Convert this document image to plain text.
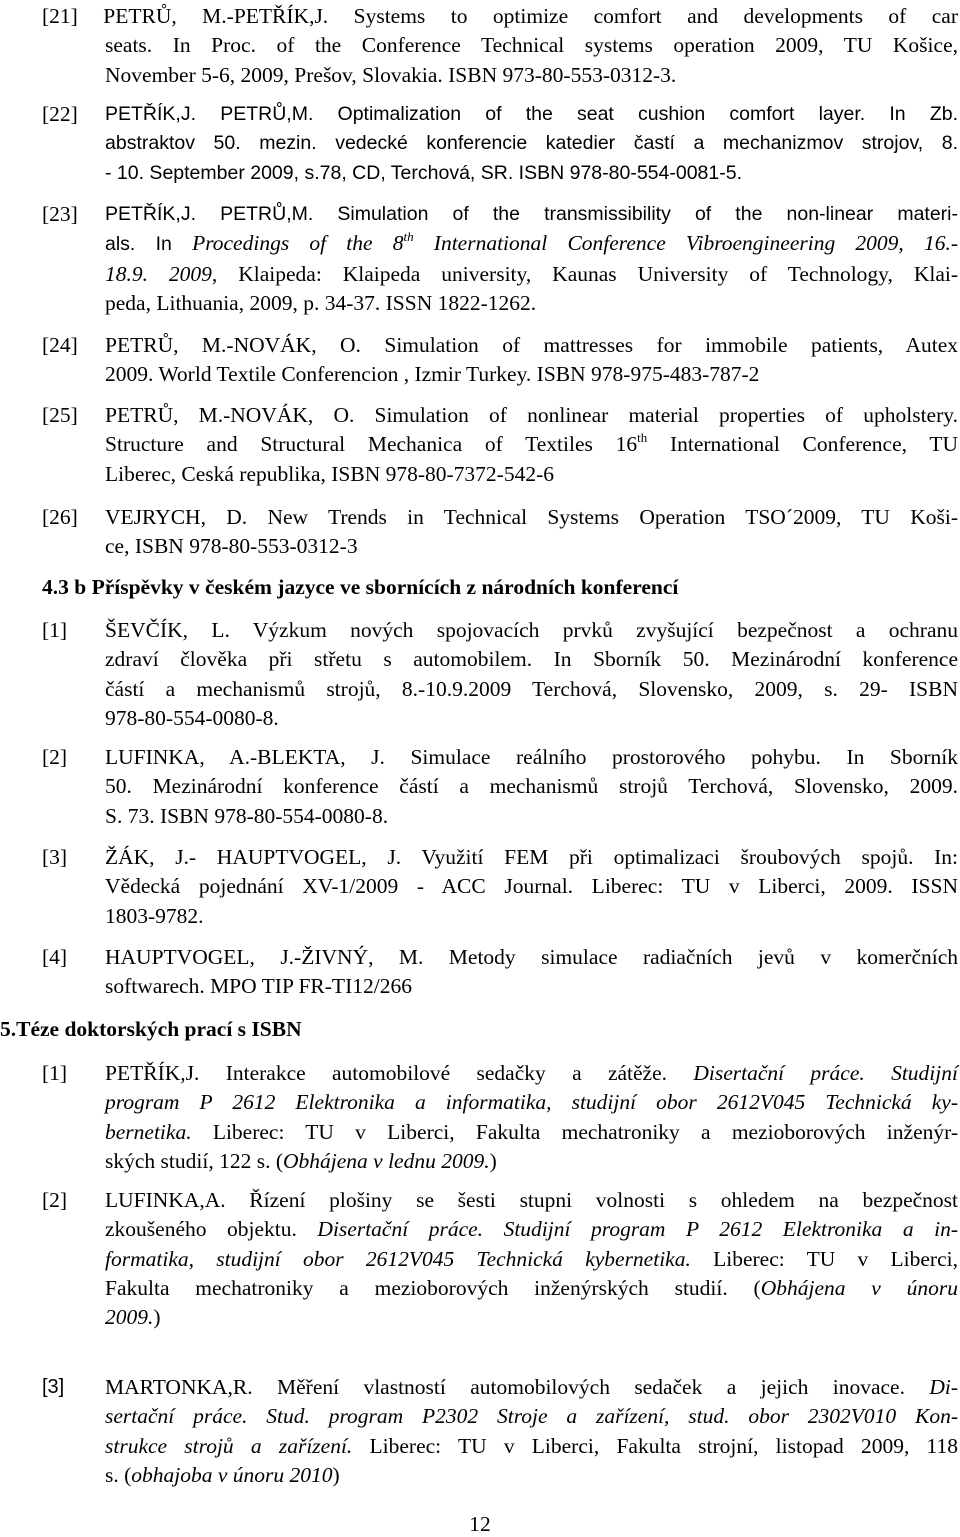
[21] PETRŮ, M.-PETŘÍK,J. Systems to optimize comfort and developments of car
seats. In Proc. of the Conference Technical systems operation 2009, TU Košice,
November 5-6, 2009, Prešov, Slovakia. ISBN 973-80-553-0312-3.
[22] PETŘÍK,J. PETRŮ,M. Optimalization of the seat cushion comfort layer. In Zb.
abstraktov 50. mezin. vedecké konferencie katedier častí a mechanizmov strojov, 8.
- 10. September 2009, s.78, CD, Terchová, SR. ISBN 978-80-554-0081-5.
[23] PETŘÍK,J. PETRŮ,M. Simulation of the transmissibility of the non-linear materi-
als. In Procedings of the 8th International Conference Vibroengineering 2009, 16.-
18.9. 2009, Klaipeda: Klaipeda university, Kaunas University of Technology, Klai-
peda, Lithuania, 2009, p. 34-37. ISSN 1822-1262.
[24] PETRŮ, M.-NOVÁK, O. Simulation of mattresses for immobile patients, Autex
2009. World Textile Conferencion , Izmir Turkey. ISBN 978-975-483-787-2
[25] PETRŮ, M.-NOVÁK, O. Simulation of nonlinear material properties of upholstery.
Structure and Structural Mechanica of Textiles 16th International Conference, TU
Liberec, Ceská republika, ISBN 978-80-7372-542-6
[26] VEJRYCH, D. New Trends in Technical Systems Operation TSO´2009, TU Koši-
ce, ISBN 978-80-553-0312-3
4.3 b Příspěvky v českém jazyce ve sbornících z národních konferencí
[1] ŠEVČÍK, L. Výzkum nových spojovacích prvků zvyšující bezpečnost a ochranu
zdraví člověka při střetu s automobilem. In Sborník 50. Mezinárodní konference
částí a mechanismů strojů, 8.-10.9.2009 Terchová, Slovensko, 2009, s. 29- ISBN
978-80-554-0080-8.
[2] LUFINKA, A.-BLEKTA, J. Simulace reálního prostorového pohybu. In Sborník
50. Mezinárodní konference částí a mechanismů strojů Terchová, Slovensko, 2009.
S. 73. ISBN 978-80-554-0080-8.
[3] ŽÁK, J.- HAUPTVOGEL, J. Využití FEM při optimalizaci šroubových spojů. In:
Vědecká pojednání XV-1/2009 - ACC Journal. Liberec: TU v Liberci, 2009. ISSN
1803-9782.
[4] HAUPTVOGEL, J.-ŽIVNÝ, M. Metody simulace radiačních jevů v komerčních
softwarech. MPO TIP FR-TI12/266
5.Téze doktorských prací s ISBN
[1] PETŘÍK,J. Interakce automobilové sedačky a zátěže. Disertační práce. Studijní
program P 2612 Elektronika a informatika, studijní obor 2612V045 Technická ky-
bernetika. Liberec: TU v Liberci, Fakulta mechatroniky a mezioborových inženýr-
ských studií, 122 s. (Obhájena v lednu 2009.)
[2] LUFINKA,A. Řízení plošiny se šesti stupni volnosti s ohledem na bezpečnost
zkoušeného objektu. Disertační práce. Studijní program P 2612 Elektronika a in-
formatika, studijní obor 2612V045 Technická kybernetika. Liberec: TU v Liberci,
Fakulta mechatroniky a mezioborových inženýrských studií. (Obhájena v únoru
2009.)
[3] MARTONKA,R. Měření vlastností automobilových sedaček a jejich inovace. Di-
sertační práce. Stud. program P2302 Stroje a zařízení, stud. obor 2302V010 Kon-
strukce strojů a zařízení. Liberec: TU v Liberci, Fakulta strojní, listopad 2009, 118
s. (obhajoba v únoru 2010)
12
